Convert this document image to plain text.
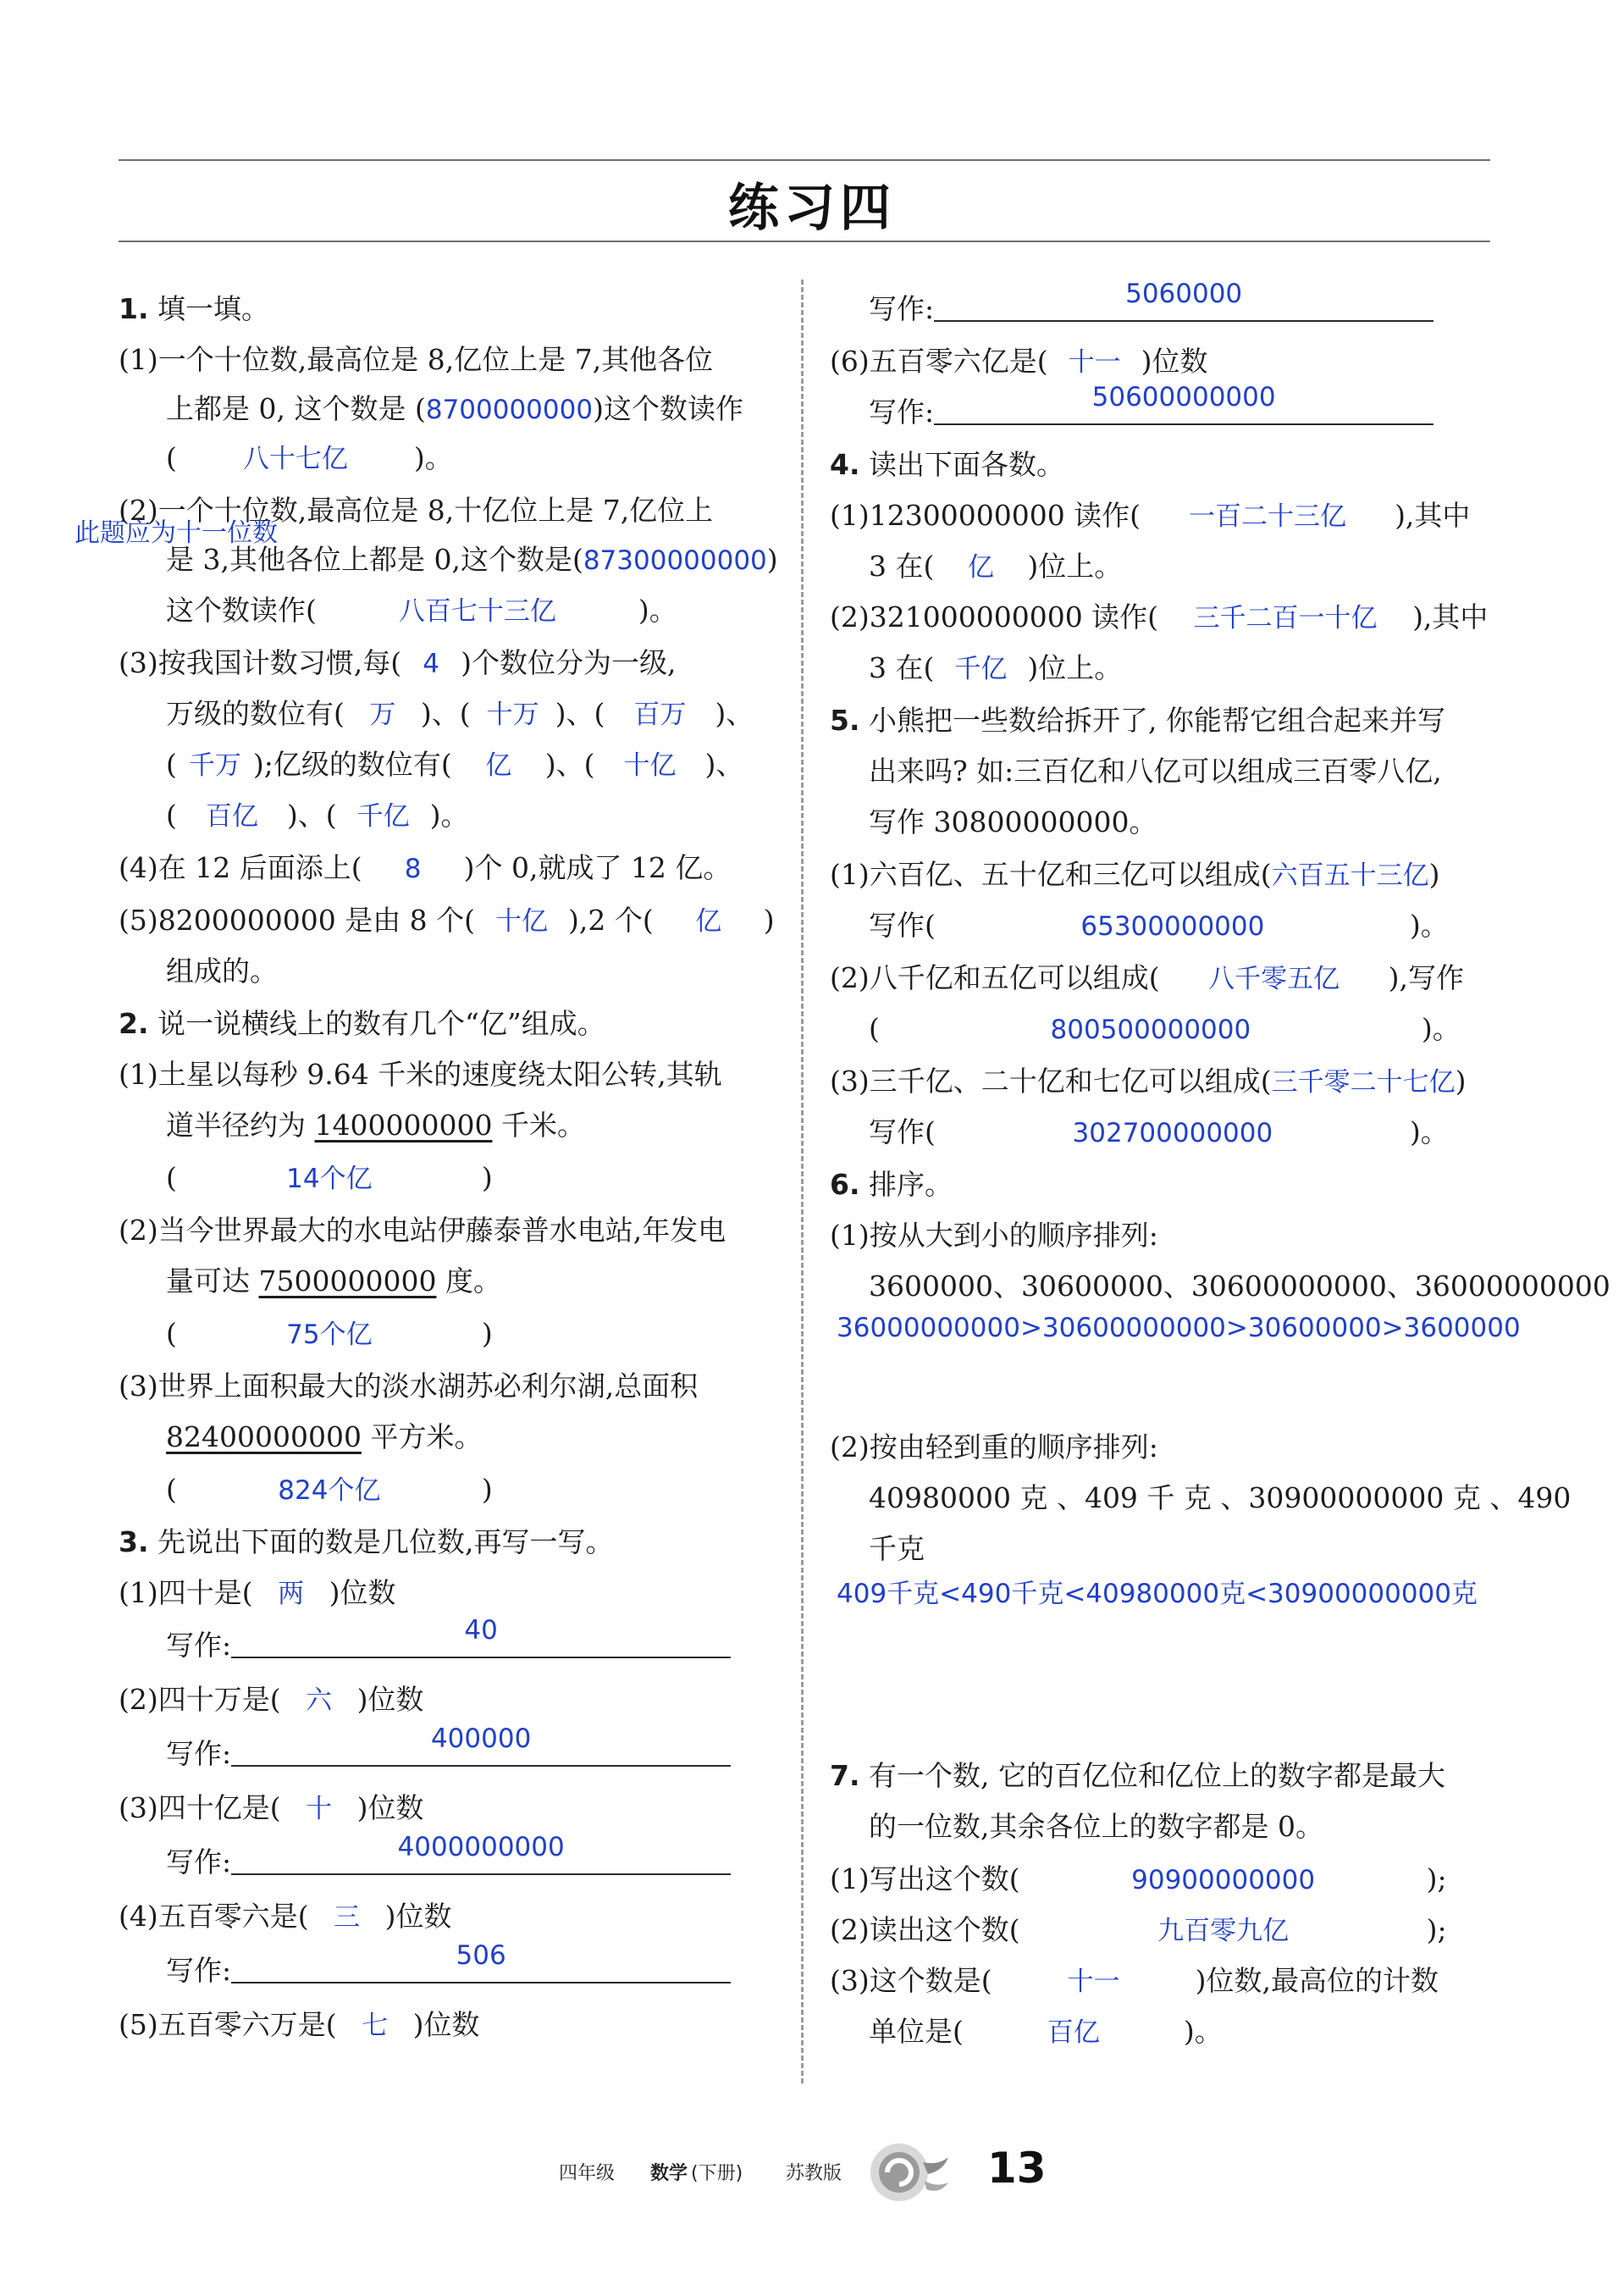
练习四
1. 填一填。
(1)一个十位数,最高位是 8,亿位上是 7,其他各位
上都是 0, 这个数是 (8700000000)这个数读作
(	八十七亿 )。
(2)一个十位数,最高位是 8,十亿位上是 7,亿位上
是 3,其他各位上都是 0,这个数是(87300000000)
这个数读作(	八百七十三亿	)。
(3)按我国计数习惯,每( 4 )个数位分为一级,
万级的数位有( 万 )、( 十万 )、( 百万 )、
( 千万 );亿级的数位有( 亿 )、( 十亿 )、
( 百亿 )、( 千亿 )。
(4)在 12 后面添上( 8 )个 0,就成了 12 亿。
(5)8200000000 是由 8 个( 十亿 ),2 个( 亿 )
组成的。
2. 说一说横线上的数有几个“亿”组成。
(1)土星以每秒 9.64 千米的速度绕太阳公转,其轨
道半径约为 1400000000 千米。
(	14个亿	)
(2)当今世界最大的水电站伊藤泰普水电站,年发电
量可达 7500000000 度。
(	75个亿	)
(3)世界上面积最大的淡水湖苏必利尔湖,总面积
82400000000 平方米。
(	824个亿	)
3. 先说出下面的数是几位数,再写一写。
(1)四十是( 两 )位数
写作:	40
(2)四十万是( 六 )位数
写作:	400000
(3)四十亿是( 十 )位数
写作:	4000000000
(4)五百零六是( 三 )位数
写作:	506
(5)五百零六万是( 七 )位数
此题应为十一位数
写作:	5060000
(6)五百零六亿是( 十一 )位数
写作:	50600000000
4. 读出下面各数。
(1)12300000000 读作( 一百二十三亿 ),其中
3 在( 亿 )位上。
(2)321000000000 读作( 三千二百一十亿 ),其中
3 在( 千亿 )位上。
5. 小熊把一些数给拆开了, 你能帮它组合起来并写
出来吗? 如:三百亿和八亿可以组成三百零八亿,
写作 30800000000。
(1)六百亿、五十亿和三亿可以组成(六百五十三亿)
写作(	65300000000	)。
(2)八千亿和五亿可以组成( 八千零五亿 ),写作
(	800500000000	)。
(3)三千亿、二十亿和七亿可以组成(三千零二十七亿)
写作(	302700000000	)。
6. 排序。
(1)按从大到小的顺序排列:
3600000、30600000、30600000000、36000000000
36000000000>30600000000>30600000>3600000
(2)按由轻到重的顺序排列:
40980000 克 、409 千 克 、30900000000 克 、490
千克
409千克<490千克<40980000克<30900000000克
7. 有一个数, 它的百亿位和亿位上的数字都是最大
的一位数,其余各位上的数字都是 0。
(1)写出这个数(	90900000000	);
(2)读出这个数(	九百零九亿	);
(3)这个数是(	十一	)位数,最高位的计数
单位是(	百亿	)。
四年级 数学 (下册) 苏教版	13
